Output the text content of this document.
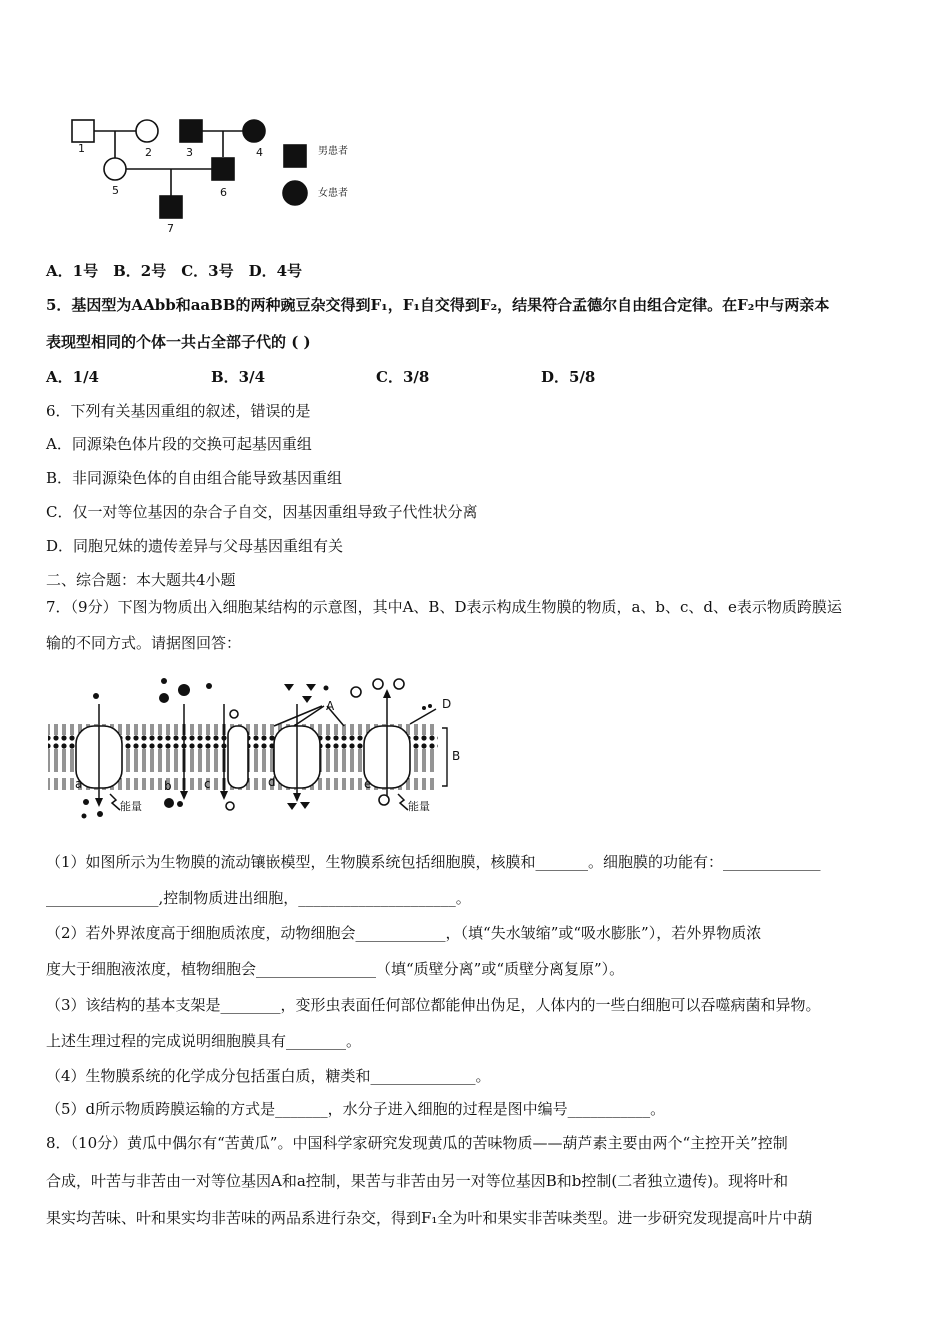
1	2	3	4
5	6
7
男患者
女患者
A．1号　B．2号　C．3号　D．4号
5．基因型为AAbb和aaBB的两种豌豆杂交得到F₁，F₁自交得到F₂，结果符合孟德尔自由组合定律。在F₂中与两亲本
表现型相同的个体一共占全部子代的 ( )
A．1/4	B．3/4	C．3/8	D．5/8
6．下列有关基因重组的叙述，错误的是
A．同源染色体片段的交换可起基因重组
B．非同源染色体的自由组合能导致基因重组
C．仅一对等位基因的杂合子自交，因基因重组导致子代性状分离
D．同胞兄妹的遗传差异与父母基因重组有关
二、综合题：本大题共4小题
7．（9分）下图为物质出入细胞某结构的示意图，其中A、B、D表示构成生物膜的物质，a、b、c、d、e表示物质跨膜运
输的不同方式。请据图回答：
A
B
D
a	b	c	d	e
能量	能量
（1）如图所示为生物膜的流动镶嵌模型，生物膜系统包括细胞膜，核膜和_______。细胞膜的功能有：_____________
_______________,控制物质进出细胞，_____________________。
（2）若外界浓度高于细胞质浓度，动物细胞会____________，（填“失水皱缩”或“吸水膨胀”），若外界物质浓
度大于细胞液浓度，植物细胞会________________（填“质壁分离”或“质壁分离复原”）。
（3）该结构的基本支架是________，变形虫表面任何部位都能伸出伪足，人体内的一些白细胞可以吞噬病菌和异物。
上述生理过程的完成说明细胞膜具有________。
（4）生物膜系统的化学成分包括蛋白质，糖类和______________。
（5）d所示物质跨膜运输的方式是_______，水分子进入细胞的过程是图中编号___________。
8．（10分）黄瓜中偶尔有“苦黄瓜”。中国科学家研究发现黄瓜的苦味物质——葫芦素主要由两个“主控开关”控制
合成，叶苦与非苦由一对等位基因A和a控制，果苦与非苦由另一对等位基因B和b控制(二者独立遗传)。现将叶和
果实均苦味、叶和果实均非苦味的两品系进行杂交，得到F₁全为叶和果实非苦味类型。进一步研究发现提高叶片中葫
